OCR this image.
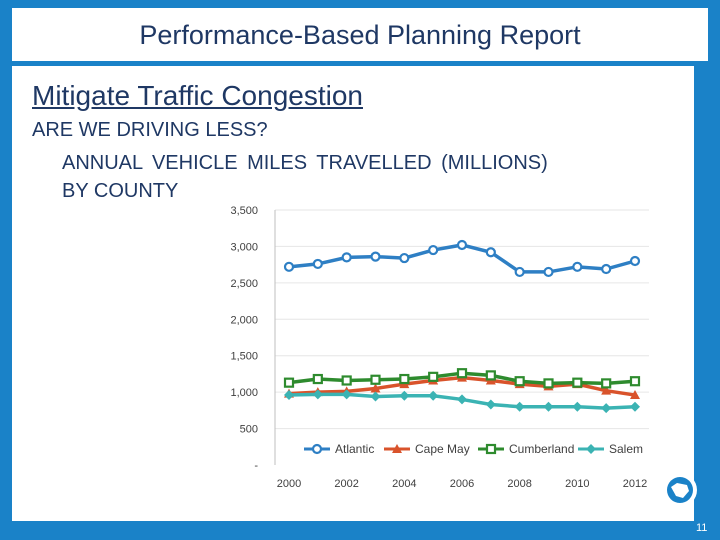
Performance-Based Planning Report
Mitigate Traffic Congestion
ARE WE DRIVING LESS?
ANNUAL VEHICLE MILES TRAVELLED (MILLIONS)
BY COUNTY
-
500
1,000
1,500
2,000
2,500
3,000
3,500
2000	2002	2004	2006	2008	2010	2012
Atlantic	Cape May	Cumberland	Salem
11
